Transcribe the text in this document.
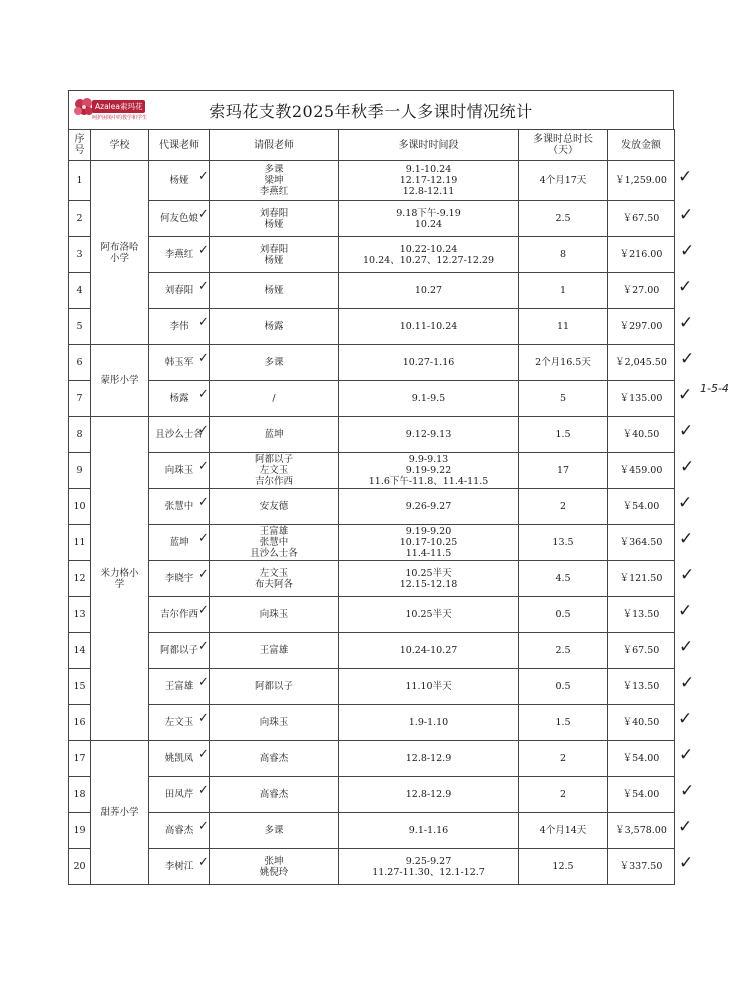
Azalea索玛花
呵护困境中的教学和学生	索玛花支教2025年秋季一人多课时情况统计
序号	学校	代课老师	请假老师	多课时时间段	多课时总时长（天）	发放金额
1	阿布洛哈小学	杨娅	多课
梁坤
李燕红	9.1-10.24
12.17-12.19
12.8-12.11	4个月17天	￥1,259.00
2		何友色娘	刘春阳
杨娅	9.18下午-9.19
10.24	2.5	￥67.50
3		李燕红	刘春阳
杨娅	10.22-10.24
10.24、10.27、12.27-12.29	8	￥216.00
4		刘春阳	杨娅	10.27	1	￥27.00
5		李伟	杨露	10.11-10.24	11	￥297.00
6	蒙彤小学	韩玉军	多课	10.27-1.16	2个月16.5天	￥2,045.50
7		杨露	/	9.1-9.5	5	￥135.00
8	米力格小学	且沙么士各	蓝坤	9.12-9.13	1.5	￥40.50
9		向珠玉	阿都以子
左文玉
吉尔作西	9.9-9.13
9.19-9.22
11.6下午-11.8、11.4-11.5	17	￥459.00
10		张慧中	安友德	9.26-9.27	2	￥54.00
11		蓝坤	王富雄
张慧中
且沙么士各	9.19-9.20
10.17-10.25
11.4-11.5	13.5	￥364.50
12		李晓宇	左文玉
布夫阿各	10.25半天
12.15-12.18	4.5	￥121.50
13		吉尔作西	向珠玉	10.25半天	0.5	￥13.50
14		阿都以子	王富雄	10.24-10.27	2.5	￥67.50
15		王富雄	阿都以子	11.10半天	0.5	￥13.50
16		左文玉	向珠玉	1.9-1.10	1.5	￥40.50
17	甜荞小学	姚凯凤	高睿杰	12.8-12.9	2	￥54.00
18		田凤芹	高睿杰	12.8-12.9	2	￥54.00
19		高睿杰	多课	9.1-1.16	4个月14天	￥3,578.00
20		李树江	张坤
姚倪玲	9.25-9.27
11.27-11.30、12.1-12.7	12.5	￥337.50
✓
✓
✓
✓
✓
✓
✓
✓
✓
✓
✓
✓
✓
✓
✓
✓
✓
✓
✓
✓
✓
✓
✓
✓
✓
✓
✓
✓
✓
✓
✓
✓
✓
✓
✓
✓
✓
✓
✓
✓
1-5-4
